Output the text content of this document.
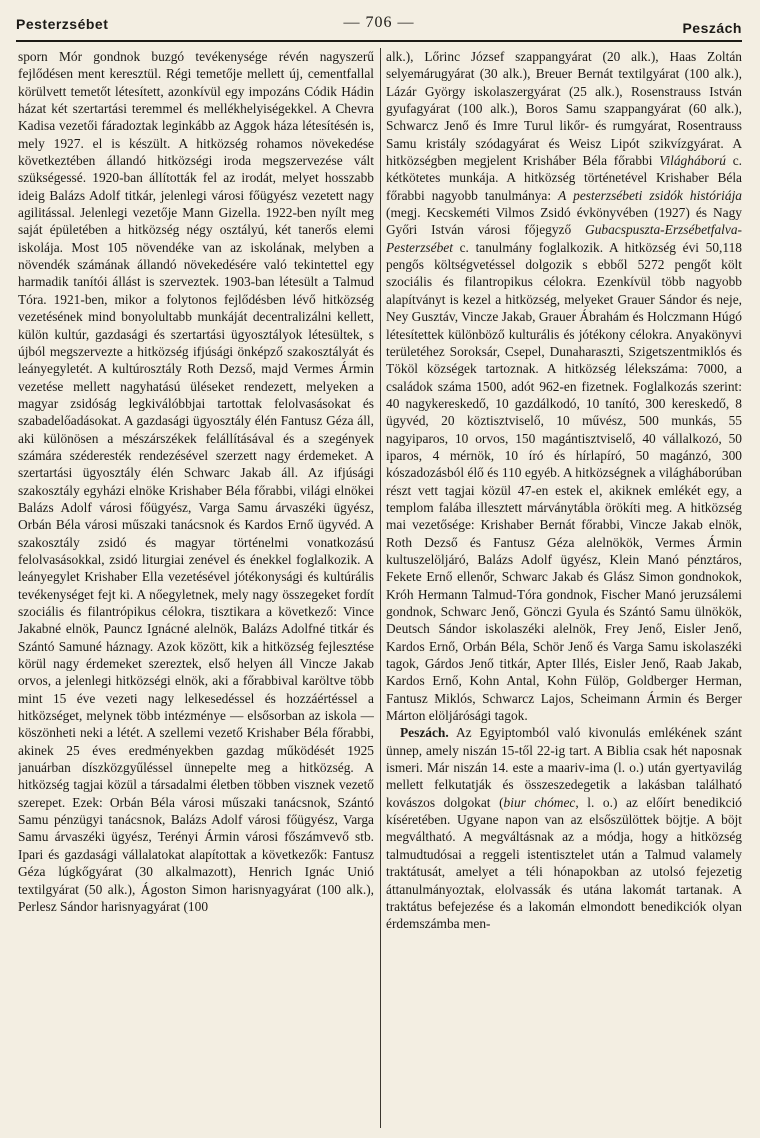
Pesterzsébet	— 706 —	Peszách

sporn Mór gondnok buzgó tevékenysége révén nagyszerű fejlődésen ment keresztül. Régi temetője mellett új, cementfallal körülvett temetőt létesített, azonkívül egy impozáns Códik Hádin házat két szertartási teremmel és mellékhelyiségekkel. A Chevra Kadisa vezetői fáradoztak leginkább az Aggok háza létesítésén is, mely 1927. el is készült. A hitközség rohamos növekedése következtében állandó hitközségi iroda megszervezése vált szükségessé. 1920-ban állították fel az irodát, melyet hosszabb ideig Balázs Adolf titkár, jelenlegi városi főügyész vezetett nagy agilitással. Jelenlegi vezetője Mann Gizella. 1922-ben nyílt meg saját épületében a hitközség négy osztályú, két tanerős elemi iskolája. Most 105 növendéke van az iskolának, melyben a növendék számának állandó növekedésére való tekintettel egy harmadik tanítói állást is szerveztek. 1903-ban létesült a Talmud Tóra. 1921-ben, mikor a folytonos fejlődésben lévő hitközség vezetésének mind bonyolultabb munkáját decentralizálni kellett, külön kultúr, gazdasági és szertartási ügyosztályok létesültek, s újból megszervezte a hitközség ifjúsági önképző szakosztályát és leányegyletét. A kultúrosztály Roth Dezső, majd Vermes Ármin vezetése mellett nagyhatású üléseket rendezett, melyeken a magyar zsidóság legkiválóbbjai tartottak felolvasásokat és szabadelőadásokat. A gazdasági ügyosztály élén Fantusz Géza áll, aki különösen a mészárszékek felállításával és a szegények számára széderesték rendezésével szerzett nagy érdemeket. A szertartási ügyosztály élén Schwarc Jakab áll. Az ifjúsági szakosztály egyházi elnöke Krishaber Béla főrabbi, világi elnökei Balázs Adolf városi főügyész, Varga Samu árvaszéki ügyész, Orbán Béla városi műszaki tanácsnok és Kardos Ernő ügyvéd. A szakosztály zsidó és magyar történelmi vonatkozású felolvasásokkal, zsidó liturgiai zenével és énekkel foglalkozik. A leányegylet Krishaber Ella vezetésével jótékonysági és kultúrális tevékenységet fejt ki. A nőegyletnek, mely nagy összegeket fordít szociális és filantrópikus célokra, tisztikara a következő: Vince Jakabné elnök, Pauncz Ignácné alelnök, Balázs Adolfné titkár és Szántó Samuné háznagy. Azok között, kik a hitközség fejlesztése körül nagy érdemeket szereztek, első helyen áll Vincze Jakab orvos, a jelenlegi hitközségi elnök, aki a főrabbival karöltve több mint 15 éve vezeti nagy lelkesedéssel és hozzáértéssel a hitközséget, melynek több intézménye — elsősorban az iskola — köszönheti neki a létét. A szellemi vezető Krishaber Béla főrabbi, akinek 25 éves eredményekben gazdag működését 1925 januárban díszközgyűléssel ünnepelte meg a hitközség. A hitközség tagjai közül a társadalmi életben többen visznek vezető szerepet. Ezek: Orbán Béla városi műszaki tanácsnok, Szántó Samu pénzügyi tanácsnok, Balázs Adolf városi főügyész, Varga Samu árvaszéki ügyész, Terényi Ármin városi főszámvevő stb. Ipari és gazdasági vállalatokat alapítottak a következők: Fantusz Géza lúgkőgyárat (30 alkalmazott), Henrich Ignác Unió textilgyárat (50 alk.), Ágoston Simon harisnyagyárat (100 alk.), Perlesz Sándor harisnyagyárat (100

alk.), Lőrinc József szappangyárat (20 alk.), Haas Zoltán selyemárugyárat (30 alk.), Breuer Bernát textilgyárat (100 alk.), Lázár György iskolaszergyárat (25 alk.), Rosenstrauss István gyufagyárat (100 alk.), Boros Samu szappangyárat (60 alk.), Schwarcz Jenő és Imre Turul likőr- és rumgyárat, Rosentrauss Samu kristály szódagyárat és Weisz Lipót szikvízgyárat. A hitközségben megjelent Krisháber Béla főrabbi Világháború c. kétkötetes munkája. A hitközség történetével Krishaber Béla főrabbi nagyobb tanulmánya: A pesterzsébeti zsidók históriája (megj. Kecskeméti Vilmos Zsidó évkönyvében (1927) és Nagy Győri István városi főjegyző Gubacspuszta-Erzsébetfalva-Pesterzsébet c. tanulmány foglalkozik. A hitközség évi 50,118 pengős költségvetéssel dolgozik s ebből 5272 pengőt költ szociális és filantropikus célokra. Ezenkívül több nagyobb alapítványt is kezel a hitközség, melyeket Grauer Sándor és neje, Ney Gusztáv, Vincze Jakab, Grauer Ábrahám és Holczmann Húgó létesítettek különböző kulturális és jótékony célokra. Anyakönyvi területéhez Soroksár, Csepel, Dunaharaszti, Szigetszentmiklós és Tököl községek tartoznak. A hitközség lélekszáma: 7000, a családok száma 1500, adót 962-en fizetnek. Foglalkozás szerint: 40 nagykereskedő, 10 gazdálkodó, 10 tanító, 300 kereskedő, 8 ügyvéd, 20 köztisztviselő, 10 művész, 500 munkás, 55 nagyiparos, 10 orvos, 150 magántisztviselő, 40 vállalkozó, 50 iparos, 4 mérnök, 10 író és hírlapíró, 50 magánzó, 300 kószadozásból élő és 110 egyéb. A hitközségnek a világháborúban részt vett tagjai közül 47-en estek el, akiknek emlékét egy, a templom falába illesztett márványtábla örökíti meg. A hitközség mai vezetősége: Krishaber Bernát főrabbi, Vincze Jakab elnök, Roth Dezső és Fantusz Géza alelnökök, Vermes Ármin kultuszelöljáró, Balázs Adolf ügyész, Klein Manó pénztáros, Fekete Ernő ellenőr, Schwarc Jakab és Glász Simon gondnokok, Króh Hermann Talmud-Tóra gondnok, Fischer Manó jeruzsálemi gondnok, Schwarc Jenő, Gönczi Gyula és Szántó Samu ülnökök, Deutsch Sándor iskolaszéki alelnök, Frey Jenő, Eisler Jenő, Kardos Ernő, Orbán Béla, Schör Jenő és Varga Samu iskolaszéki tagok, Gárdos Jenő titkár, Apter Illés, Eisler Jenő, Raab Jakab, Kardos Ernő, Kohn Antal, Kohn Fülöp, Goldberger Herman, Fantusz Miklós, Schwarcz Lajos, Scheimann Ármin és Berger Márton elöljárósági tagok.

Peszách. Az Egyiptomból való kivonulás emlékének szánt ünnep, amely niszán 15-től 22-ig tart. A Biblia csak hét naposnak ismeri. Már niszán 14. este a maariv-ima (l. o.) után gyertyavilág mellett felkutatják és összeszedegetik a lakásban található kovászos dolgokat (biur chómec, l. o.) az előírt benedikció kíséretében. Ugyane napon van az elsőszülöttek böjtje. A böjt megváltható. A megváltásnak az a módja, hogy a hitközség talmudtudósai a reggeli istentisztelet után a Talmud valamely traktátusát, amelyet a téli hónapokban az utolsó fejezetig áttanulmányoztak, elolvassák és utána lakomát tartanak. A traktátus befejezése és a lakomán elmondott benedikciók olyan érdemszámba men-
